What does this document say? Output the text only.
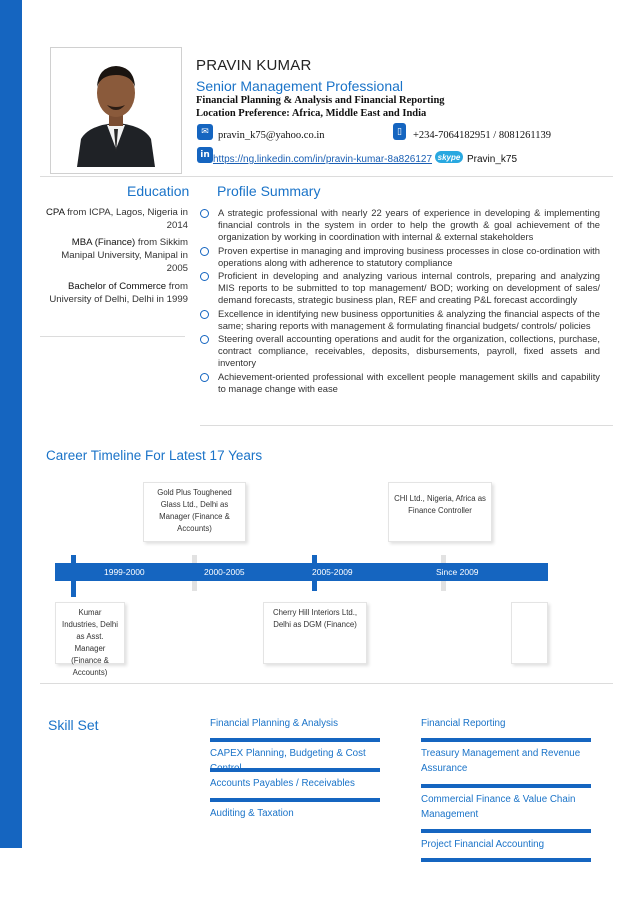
PRAVIN KUMAR
Senior Management Professional
Financial Planning & Analysis and Financial Reporting
Location Preference: Africa, Middle East and India
✉ pravin_k75@yahoo.co.in	▯	+234-7064182951 / 8081261139
in https://ng.linkedin.com/in/pravin-kumar-8a826127 skype Pravin_k75
Education
CPA from ICPA, Lagos, Nigeria in 2014
MBA (Finance) from Sikkim Manipal University, Manipal in 2005
Bachelor of Commerce from University of Delhi, Delhi in 1999
Profile Summary
A strategic professional with nearly 22 years of experience in developing & implementing financial controls in the system in order to help the growth & goal achievement of the organization by working in coordination with internal & external stakeholders
Proven expertise in managing and improving business processes in close co-ordination with operations along with adherence to statutory compliance
Proficient in developing and analyzing various internal controls, preparing and analyzing MIS reports to be submitted to top management/ BOD; working on development of sales/ demand forecasts, strategic business plan, REF and creating P&L forecast accordingly
Excellence in identifying new business opportunities & analyzing the financial aspects of the same; sharing reports with management & formulating financial budgets/ controls/ policies
Steering overall accounting operations and audit for the organization, collections, purchase, contract compliance, receivables, deposits, disbursements, payroll, fixed assets and inventory
Achievement-oriented professional with excellent people management skills and capability to manage change with ease
Career Timeline For Latest 17 Years
Gold Plus Toughened Glass Ltd., Delhi as Manager (Finance & Accounts)
CHI Ltd., Nigeria, Africa as Finance Controller
1999-2000	2000-2005	2005-2009	Since 2009
Kumar Industries, Delhi as Asst. Manager (Finance & Accounts)
Cherry Hill Interiors Ltd., Delhi as DGM (Finance)
Skill Set	Financial Planning & Analysis
CAPEX Planning, Budgeting & Cost
Accounts Payables / Receivables
Auditing & Taxation
Financial Reporting
Treasury Management and Revenue Assurance
Commercial Finance & Value Chain Management
Project Financial Accounting
